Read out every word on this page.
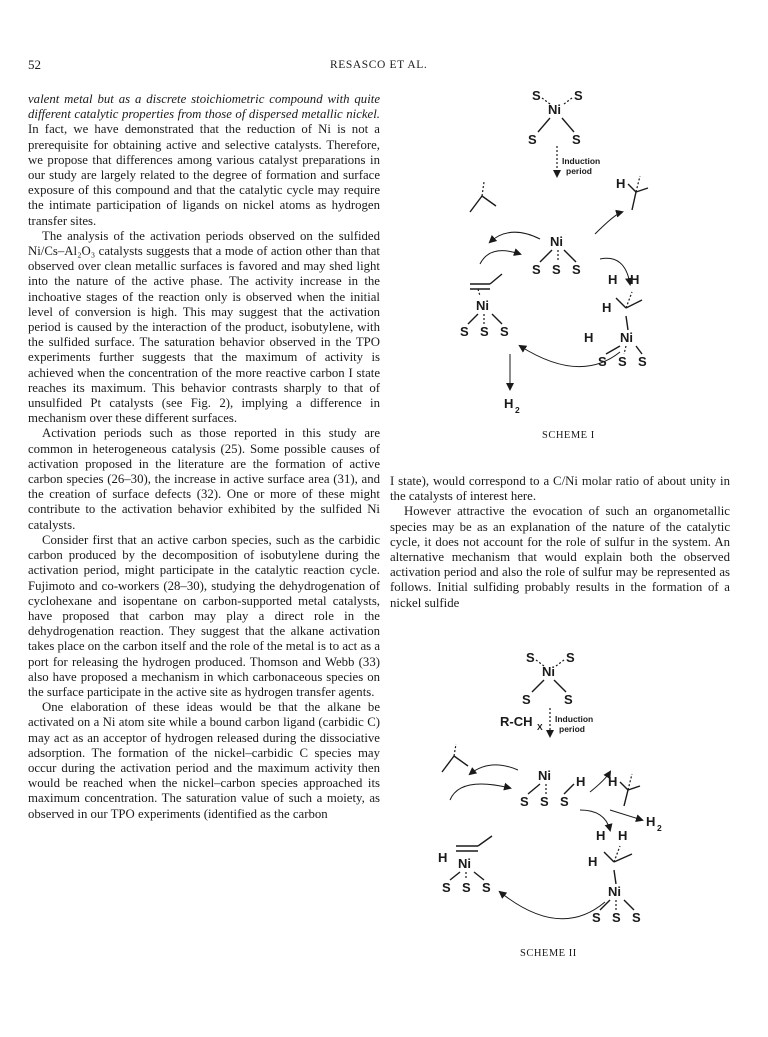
52	RESASCO ET AL.

valent metal but as a discrete stoichiometric compound with quite different catalytic properties from those of dispersed metallic nickel. In fact, we have demonstrated that the reduction of Ni is not a prerequisite for obtaining active and selective catalysts. Therefore, we propose that differences among various catalyst preparations in our study are largely related to the degree of formation and surface exposure of this compound and that the catalytic cycle may require the intimate participation of ligands on nickel atoms as hydrogen transfer sites.

The analysis of the activation periods observed on the sulfided Ni/Cs–Al₂O₃ catalysts suggests that a mode of action other than that observed over clean metallic surfaces is favored and may shed light into the nature of the active phase. The activity increase in the inchoative stages of the reaction only is observed when the initial level of conversion is high. This may suggest that the activation period is caused by the interaction of the product, isobutylene, with the sulfided surface. The saturation behavior observed in the TPO experiments further suggests that the maximum of activity is achieved when the concentration of the more reactive carbon I state reaches its maximum. This behavior contrasts sharply to that of unsulfided Pt catalysts (see Fig. 2), implying a difference in mechanism over these different surfaces.

Activation periods such as those reported in this study are common in heterogeneous catalysis (25). Some possible causes of activation proposed in the literature are the formation of active carbon species (26–30), the increase in active surface area (31), and the creation of surface defects (32). One or more of these might contribute to the activation behavior exhibited by the sulfided Ni catalysts.

Consider first that an active carbon species, such as the carbidic carbon produced by the decomposition of isobutylene during the activation period, might participate in the catalytic reaction cycle. Fujimoto and co-workers (28–30), studying the dehydrogenation of cyclohexane and isopentane on carbon-supported metal catalysts, have proposed that carbon may play a direct role in the dehydrogenation reaction. They suggest that the alkane activation takes place on the carbon itself and the role of the metal is to act as a port for releasing the hydrogen produced. Thomson and Webb (33) also have proposed a mechanism in which carbonaceous species on the surface participate in the active site as hydrogen transfer agents.

One elaboration of these ideas would be that the alkane be activated on a Ni atom site while a bound carbon ligand (carbidic C) may act as an acceptor of hydrogen released during the dissociative adsorption. The formation of the nickel–carbidic C species may occur during the activation period and the maximum activity then would be reached when the nickel–carbon species approached its maximum concentration. The saturation value of such a moiety, as observed in our TPO experiments (identified as the carbon

I state), would correspond to a C/Ni molar ratio of about unity in the catalysts of interest here.

However attractive the evocation of such an organometallic species may be as an explanation of the nature of the catalytic cycle, it does not account for the role of sulfur in the system. An alternative mechanism that would explain both the observed activation period and also the role of sulfur may be represented as follows. Initial sulfiding probably results in the formation of a nickel sulfide

S	S
Ni
S	S
Induction
period
H
Ni
S S S
Ni
S S S
H H
H
H Ni
S S S
H 2
SCHEME I
S S
Ni
S	S
R-CH X
Induction
period
H
H 2
Ni H
S S S
H Ni
S S S
H H
H
Ni
S S S
SCHEME II
